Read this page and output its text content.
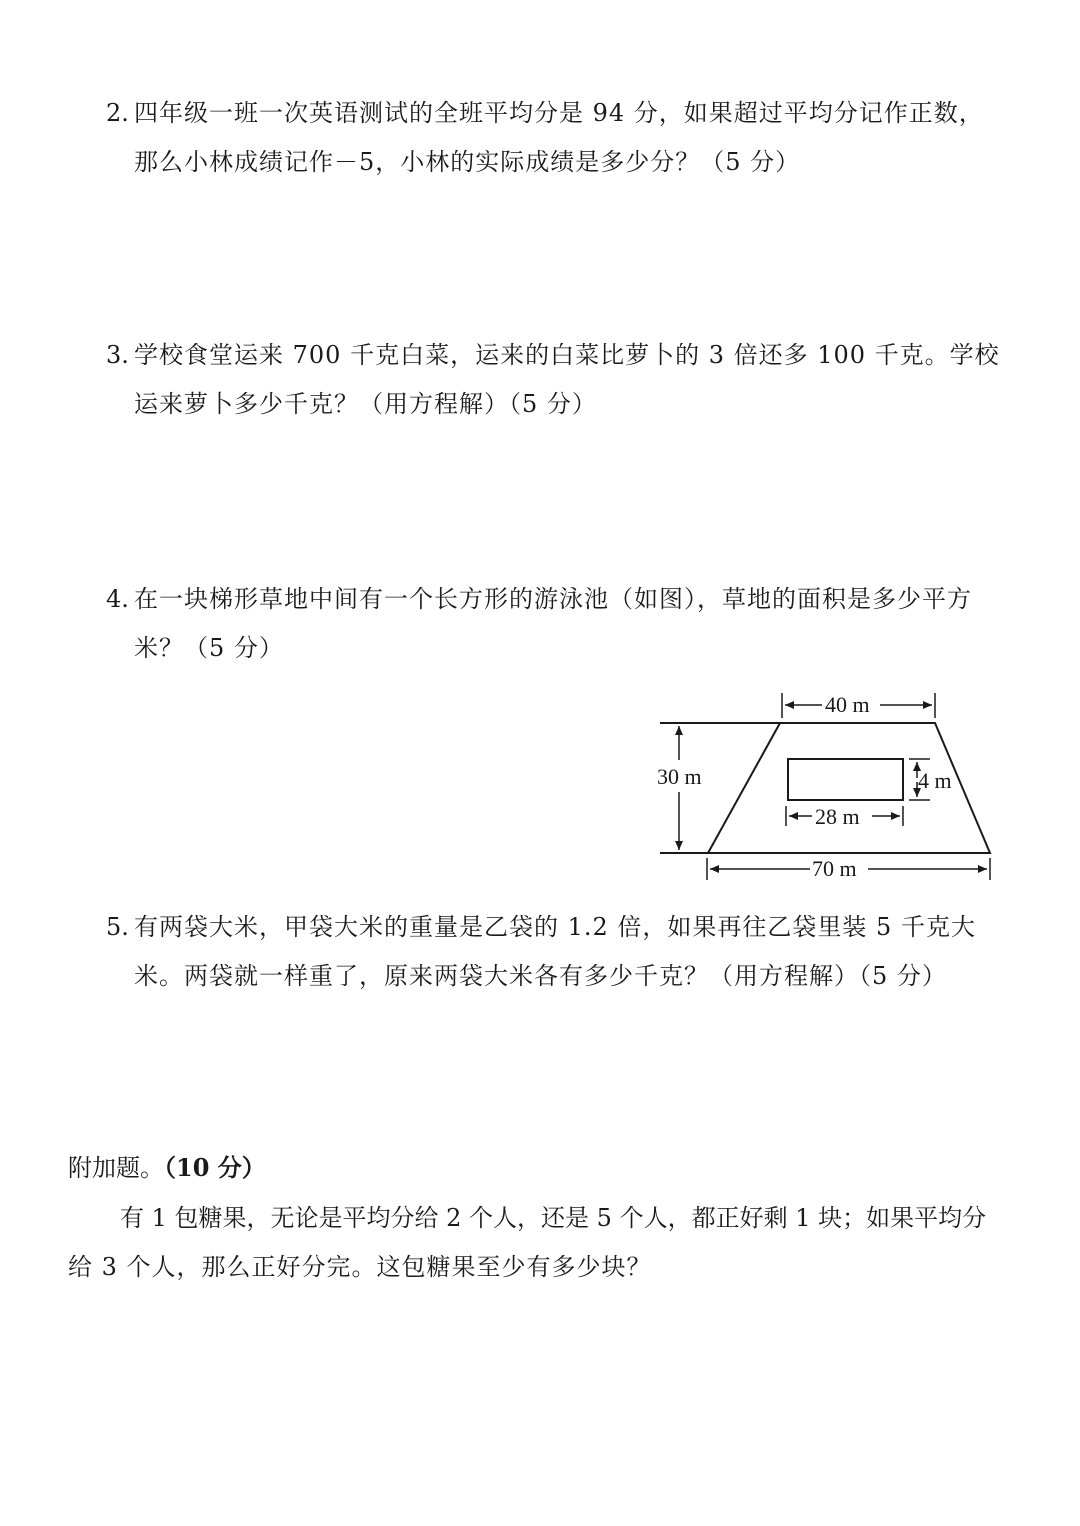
2. 四年级一班一次英语测试的全班平均分是 94 分，如果超过平均分记作正数，
那么小林成绩记作－5，小林的实际成绩是多少分？（5 分）
3. 学校食堂运来 700 千克白菜，运来的白菜比萝卜的 3 倍还多 100 千克。学校
运来萝卜多少千克？（用方程解）（5 分）
4. 在一块梯形草地中间有一个长方形的游泳池（如图），草地的面积是多少平方
米？（5 分）
30 m
40 m
4 m
28 m
70 m
5. 有两袋大米，甲袋大米的重量是乙袋的 1.2 倍，如果再往乙袋里装 5 千克大
米。两袋就一样重了，原来两袋大米各有多少千克？（用方程解）（5 分）
附加题。（10 分）
有 1 包糖果，无论是平均分给 2 个人，还是 5 个人，都正好剩 1 块；如果平均分
给 3 个人，那么正好分完。这包糖果至少有多少块？
